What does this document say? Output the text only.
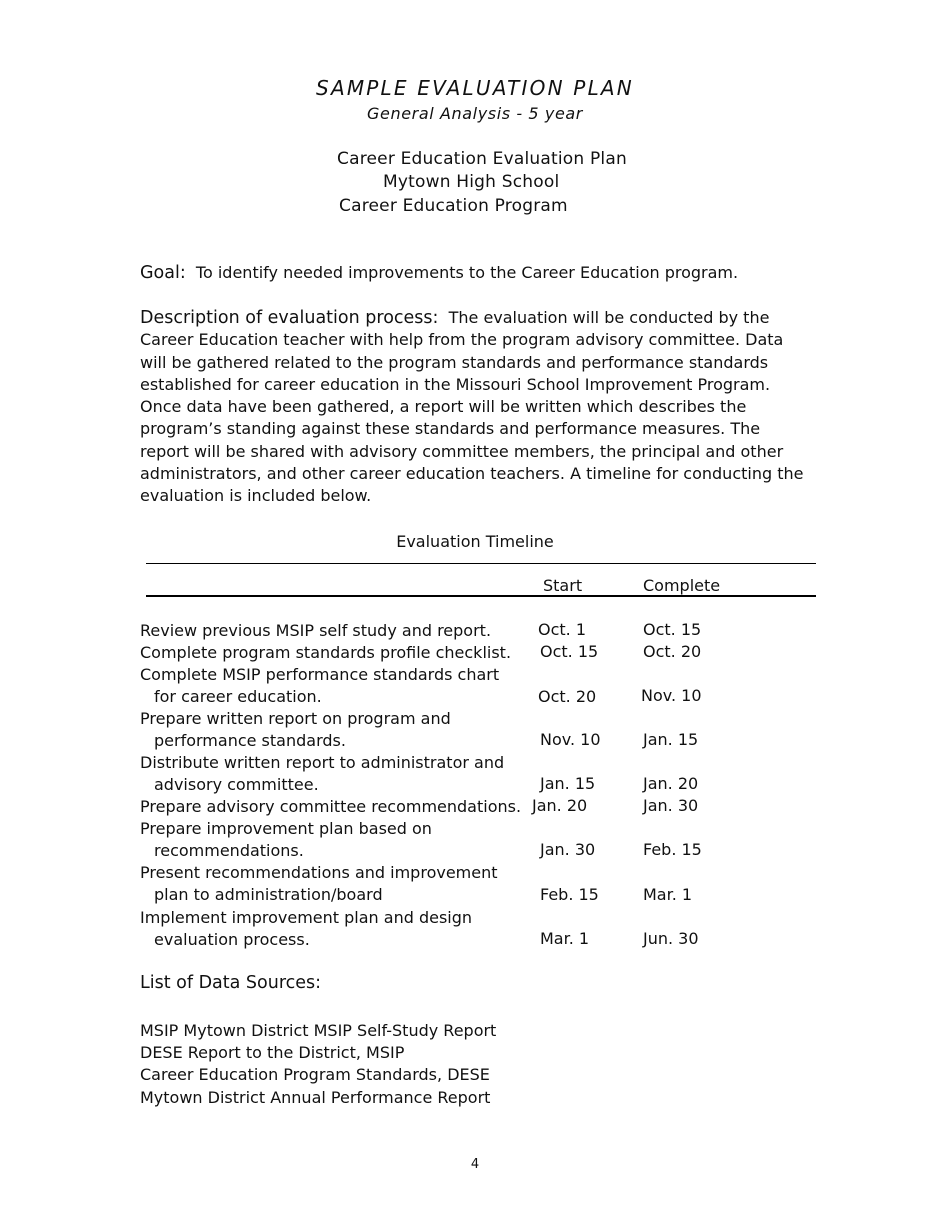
SAMPLE EVALUATION PLAN
General Analysis - 5 year
Career Education Evaluation Plan
Mytown High School
Career Education Program
Goal: To identify needed improvements to the Career Education program.
Description of evaluation process: The evaluation will be conducted by the Career Education teacher with help from the program advisory committee. Data will be gathered related to the program standards and performance standards established for career education in the Missouri School Improvement Program. Once data have been gathered, a report will be written which describes the program’s standing against these standards and performance measures. The report will be shared with advisory committee members, the principal and other administrators, and other career education teachers. A timeline for conducting the evaluation is included below.
Evaluation Timeline
Start	Complete
Review previous MSIP self study and report.	Oct. 1	Oct. 15
Complete program standards profile checklist. Oct. 15	Oct. 20
Complete MSIP performance standards chart
for career education.	Oct. 20	Nov. 10
Prepare written report on program and
performance standards.	Nov. 10	Jan. 15
Distribute written report to administrator and
advisory committee.	Jan. 15	Jan. 20
Prepare advisory committee recommendations. Jan. 20	Jan. 30
Prepare improvement plan based on
recommendations.	Jan. 30	Feb. 15
Present recommendations and improvement
plan to administration/board	Feb. 15	Mar. 1
Implement improvement plan and design
evaluation process.	Mar. 1	Jun. 30
List of Data Sources:
MSIP Mytown District MSIP Self-Study Report
DESE Report to the District, MSIP
Career Education Program Standards, DESE
Mytown District Annual Performance Report
4
